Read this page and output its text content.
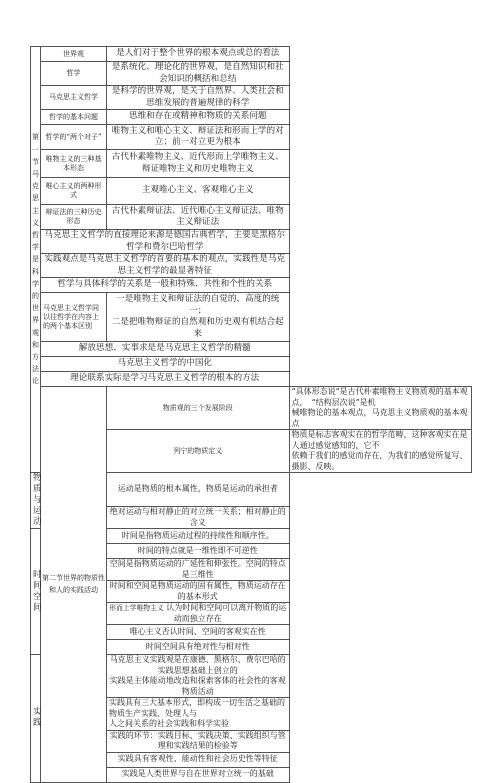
第一节马克思主义哲学是科学的世界观和方法论	世界观	是人们对于整个世界的根本观点或总的看法	
	哲学	是系统化、理论化的世界观，是自然知识和社会知识的概括和总结	
	马克思主义哲学	是科学的世界观，是关于自然界、人类社会和思维发展的普遍规律的科学	
	哲学的基本问题	思维和存在或精神和物质的关系问题	
	哲学的“两个对子”	唯物主义和唯心主义、辩证法和形而上学的对立；前一对立更为根本	
	唯物主义的三种基本形态	古代朴素唯物主义、近代形而上学唯物主义、辩证唯物主义和历史唯物主义	
	唯心主义的两种形式	主观唯心主义、客观唯心主义	
	辩证法的三种历史形态	古代朴素辩证法、近代唯心主义辩证法、唯物主义辩证法	
	马克思主义哲学的直接理论来源是德国古典哲学，主要是黑格尔哲学和费尔巴哈哲学		
	实践观点是马克思主义哲学的首要的基本的观点，实践性是马克思主义哲学的最显著特征		
	哲学与具体科学的关系是一般和特殊、共性和个性的关系		
	马克思主义哲学同以往哲学在内容上的两个基本区别	一是唯物主义和辩证法的自觉的、高度的统一；
二是把唯物辩证的自然观和历史观有机结合起来	

	解放思想、实事求是是马克思主义哲学的精髓		
	马克思主义哲学的中国化		
	理论联系实际是学习马克思主义哲学的根本的方法		
	第二节世界的物质性和人的实践活动	物质观的三个发展阶段	“具体形态说”是古代朴素唯物主义物质观的基本观点，　“结构层次说”是机
械唯物论的基本观点，马克思主义物质观的基本观点

		列宁的物质定义	物质是标志客观实在的哲学范畴，这种客观实在是人通过感觉感知的，它不
依赖于我们的感觉而存在，为我们的感觉所复写、摄影、反映。

物质与运动		运动是物质的根本属性，物质是运动的承担者	
		绝对运动与相对静止的对立统一关系；相对静止的含义	
时间空间		时间是指物质运动过程的持续性和顺序性。	
		时间的特点就是一维性即不可逆性	
		空间是指物质运动的广延性和伸张性。空间的特点是三维性	
		时间和空间是物质运动的固有属性，物质运动存在的基本形式	
		形而上学唯物主义 认为时间和空间可以离开物质的运动而独立存在	
		唯心主义否认时间、空间的客观实在性	
		时间空间具有绝对性与相对性	
实践		马克思主义实践观是在康德、黑格尔、费尔巴哈的实践思想基础上创立的
实践是主体能动地改造和探索客体的社会性的客观物质活动	

		实践具有三大基本形式，即构成一切生活之基础的物质生产实践、处理人与
人之间关系的社会实践和科学实验	

		实践的环节：实践目标、实践决策、实践组织与管理和实践结果的检验等	
		实践具有客观性、能动性和社会历史性等特征	
		实践是人类世界与自在世界对立统一的基础	
